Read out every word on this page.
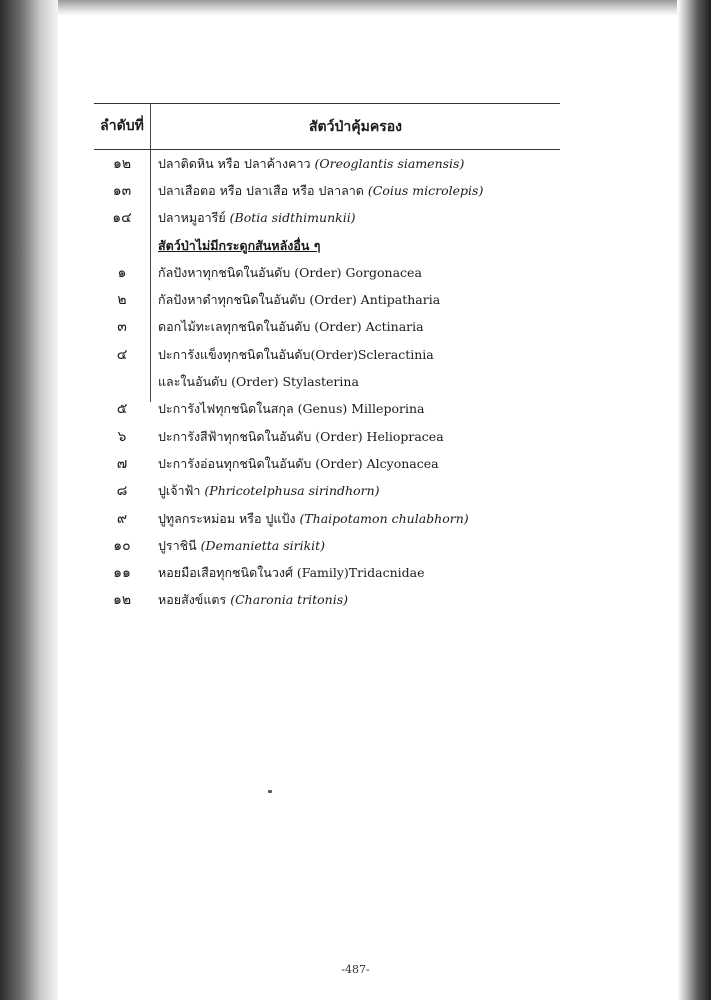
ลำดับที่	สัตว์ป่าคุ้มครอง
๑๒	ปลาติดหิน หรือ ปลาค้างคาว (Oreoglantis siamensis)
๑๓	ปลาเสือตอ หรือ ปลาเสือ หรือ ปลาลาด (Coius microlepis)
๑๔	ปลาหมูอารีย์ (Botia sidthimunkii)
สัตว์ป่าไม่มีกระดูกสันหลังอื่น ๆ
๑	กัลปังหาทุกชนิดในอันดับ (Order) Gorgonacea
๒	กัลปังหาดำทุกชนิดในอันดับ (Order) Antipatharia
๓	ดอกไม้ทะเลทุกชนิดในอันดับ (Order) Actinaria
๔	ปะการังแข็งทุกชนิดในอันดับ(Order)Scleractinia
และในอันดับ (Order) Stylasterina
๕	ปะการังไฟทุกชนิดในสกุล (Genus) Milleporina
๖	ปะการังสีฟ้าทุกชนิดในอันดับ (Order) Heliopracea
๗	ปะการังอ่อนทุกชนิดในอันดับ (Order) Alcyonacea
๘	ปูเจ้าฟ้า (Phricotelphusa sirindhorn)
๙	ปูทูลกระหม่อม หรือ ปูแป้ง (Thaipotamon chulabhorn)
๑๐	ปูราชินี (Demanietta sirikit)
๑๑	หอยมือเสือทุกชนิดในวงศ์ (Family)Tridacnidae
๑๒	หอยสังข์แตร (Charonia tritonis)
-487-
